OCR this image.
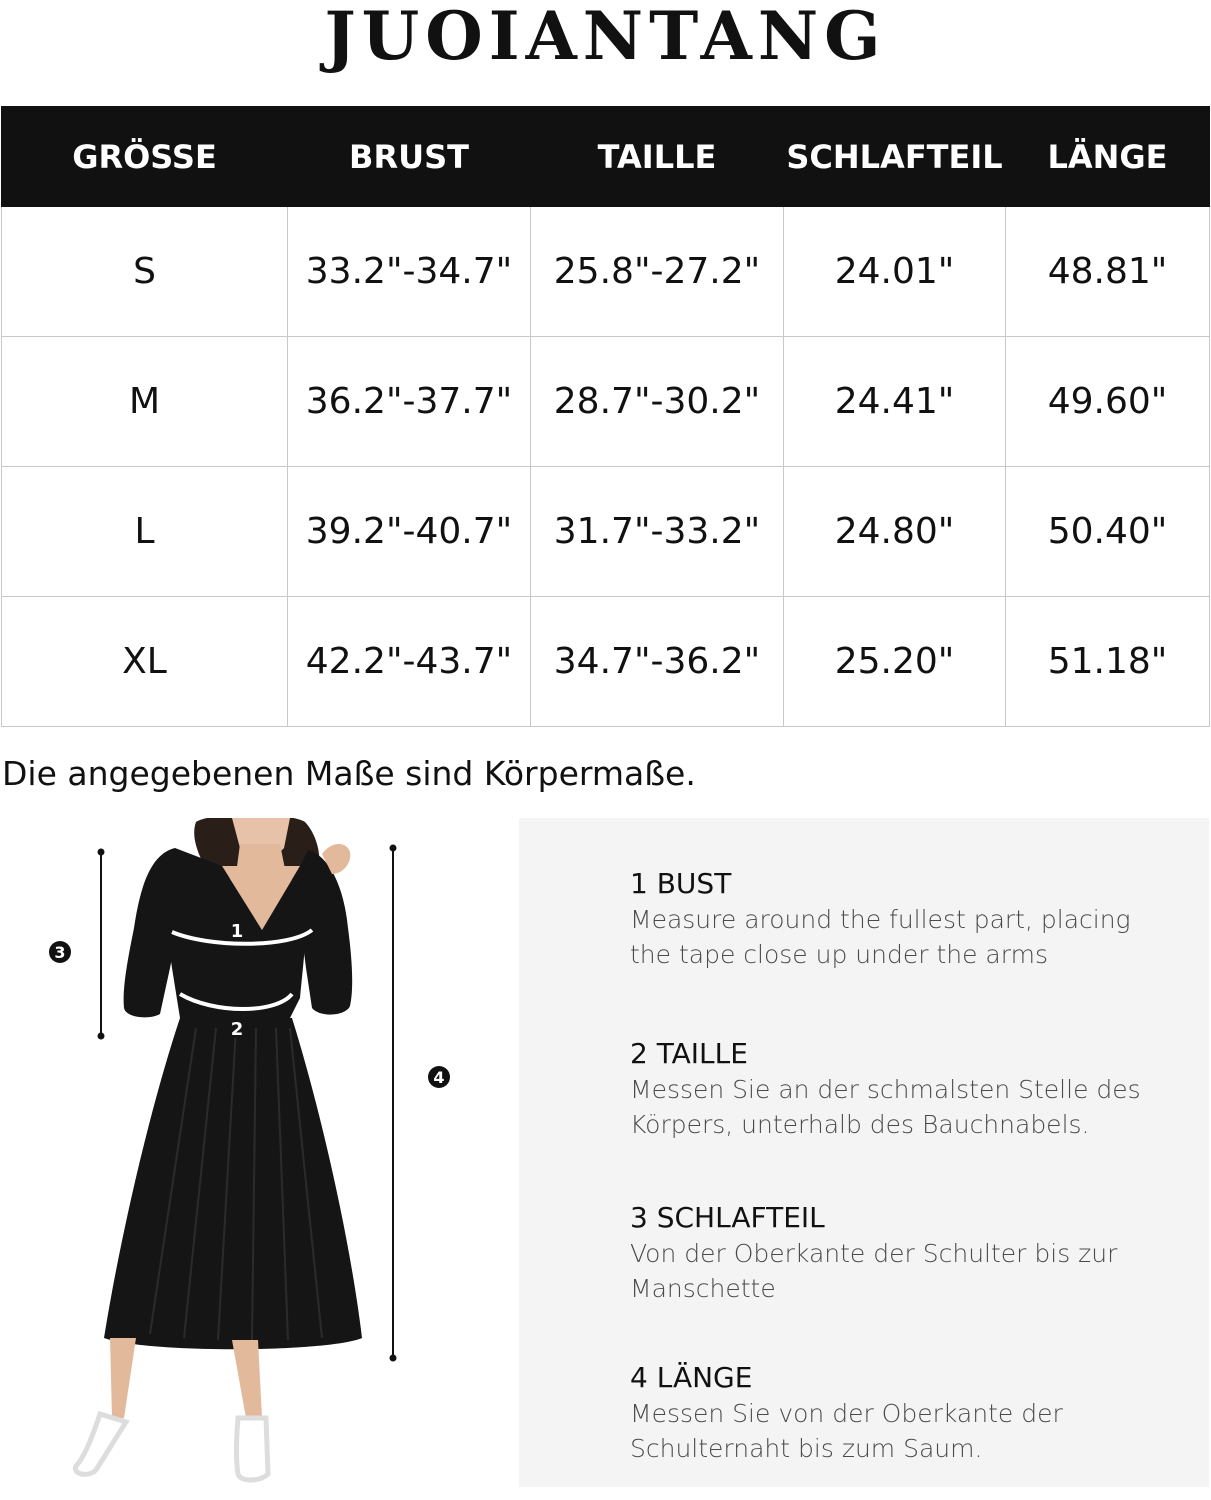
JUOIANTANG
GRÖSSE	BRUST	TAILLE	SCHLAFTEIL	LÄNGE
S	33.2"-34.7"	25.8"-27.2"	24.01"	48.81"
M	36.2"-37.7"	28.7"-30.2"	24.41"	49.60"
L	39.2"-40.7"	31.7"-33.2"	24.80"	50.40"
XL	42.2"-43.7"	34.7"-36.2"	25.20"	51.18"

Die angegebenen Maße sind Körpermaße.

1
2
3
4

1 BUST

Measure around the fullest part, placing

the tape close up under the arms

2 TAILLE

Messen Sie an der schmalsten Stelle des

Körpers, unterhalb des Bauchnabels.

3 SCHLAFTEIL

Von der Oberkante der Schulter bis zur

Manschette

4 LÄNGE

Messen Sie von der Oberkante der

Schulternaht bis zum Saum.
